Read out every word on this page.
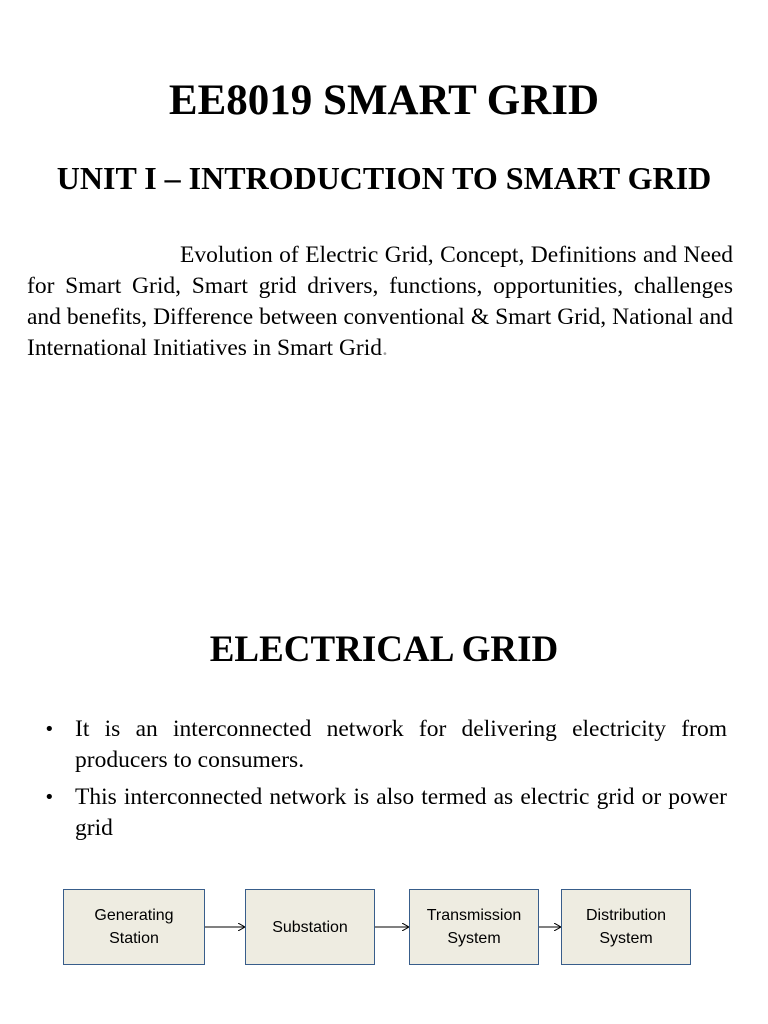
EE8019 SMART GRID
UNIT I – INTRODUCTION TO SMART GRID

Evolution of Electric Grid, Concept, Definitions and Need for Smart Grid, Smart grid drivers, functions, opportunities, challenges and benefits, Difference between conventional & Smart Grid, National and International Initiatives in Smart Grid.

ELECTRICAL GRID
• It is an interconnected network for delivering electricity from producers to consumers.
• This interconnected network is also termed as electric grid or power grid
Generating
Station
Substation
Transmission
System
Distribution
System
